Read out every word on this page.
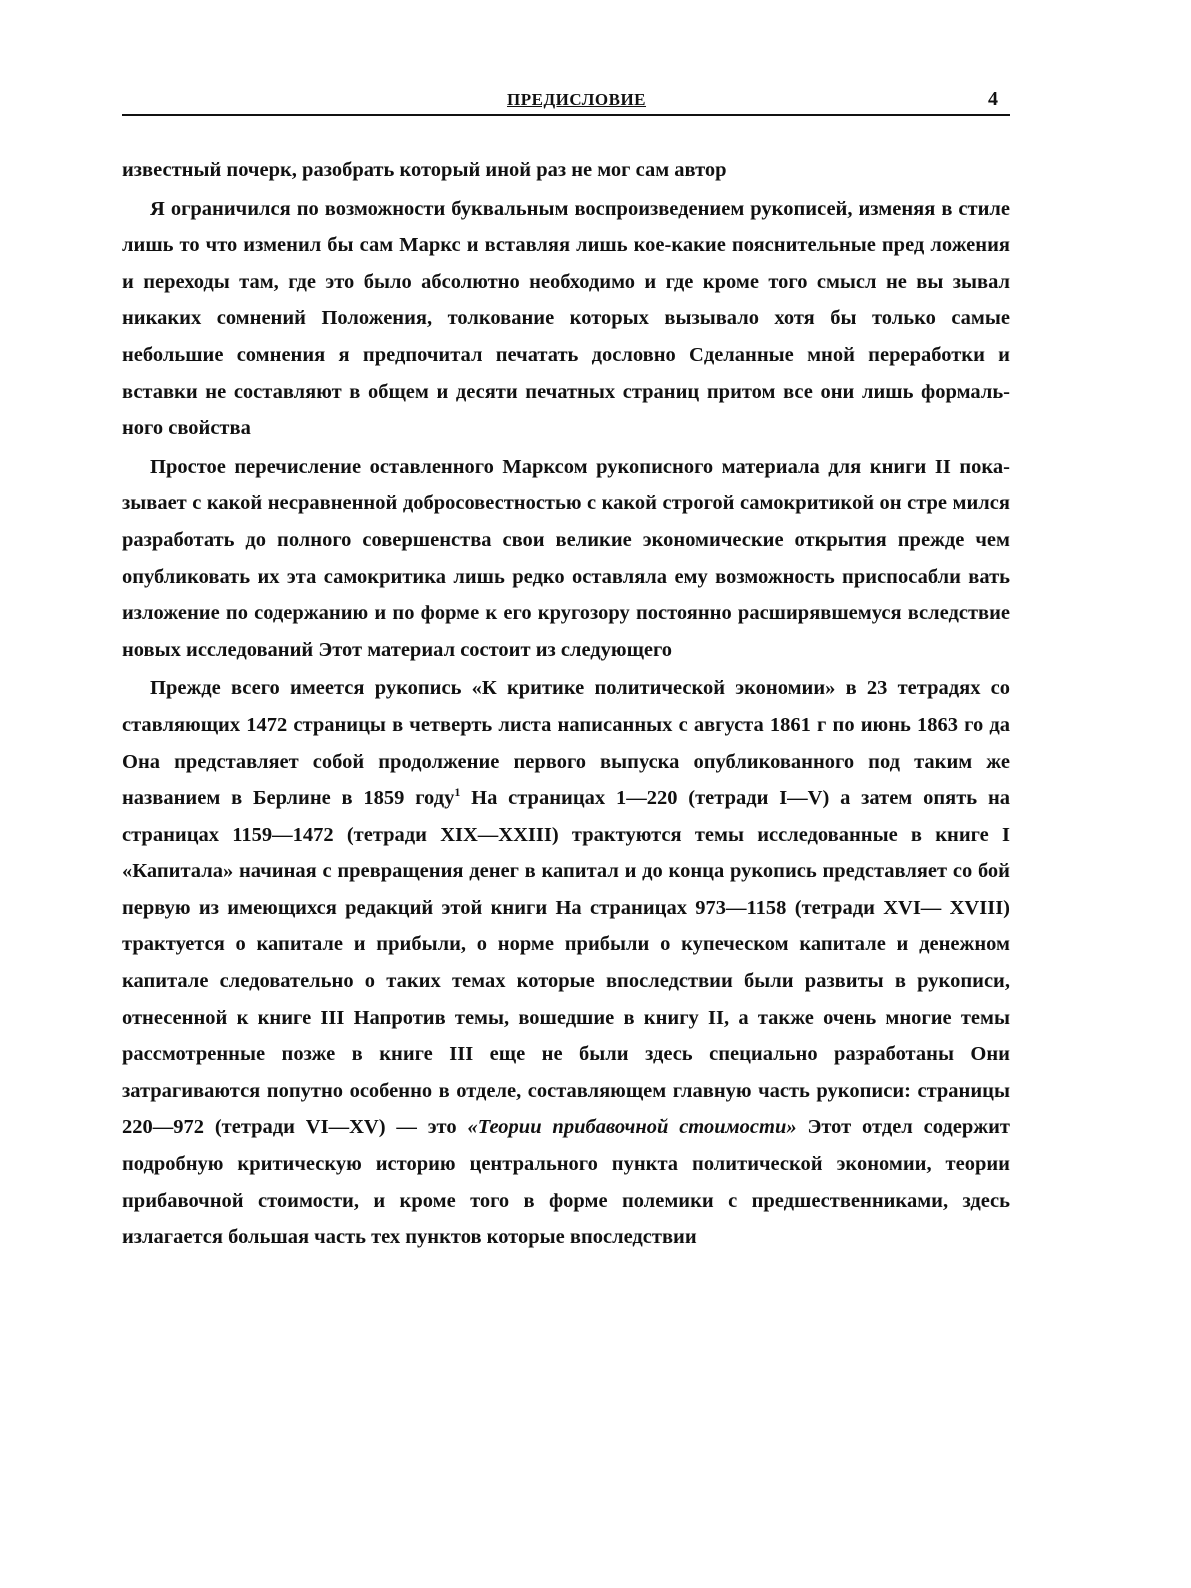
ПРЕДИСЛОВИЕ	4

известный почерк, разобрать который иной раз не мог сам автор

Я ограничился по возможности буквальным воспроизведением рукописей, изменяя в стиле лишь то что изменил бы сам Маркс и вставляя лишь кое-какие пояснительные пред ложения и переходы там, где это было абсолютно необходимо и где кроме того смысл не вы зывал никаких сомнений Положения, толкование которых вызывало хотя бы только самые небольшие сомнения я предпочитал печатать дословно Сделанные мной переработки и вставки не составляют в общем и десяти печатных страниц притом все они лишь формаль- ного свойства

Простое перечисление оставленного Марксом рукописного материала для книги II пока- зывает с какой несравненной добросовестностью с какой строгой самокритикой он стре мился разработать до полного совершенства свои великие экономические открытия прежде чем опубликовать их эта самокритика лишь редко оставляла ему возможность приспосабли вать изложение по содержанию и по форме к его кругозору постоянно расширявшемуся вследствие новых исследований Этот материал состоит из следующего

Прежде всего имеется рукопись «К критике политической экономии» в 23 тетрадях со ставляющих 1472 страницы в четверть листа написанных с августа 1861 г по июнь 1863 го да Она представляет собой продолжение первого выпуска опубликованного под таким же названием в Берлине в 1859 году$^1$ На страницах 1—220 (тетради I—V) а затем опять на страницах 1159—1472 (тетради XIX—XXIII) трактуются темы исследованные в книге I «Капитала» начиная с превращения денег в капитал и до конца рукопись представляет со бой первую из имеющихся редакций этой книги На страницах 973—1158 (тетради XVI— XVIII) трактуется о капитале и прибыли, о норме прибыли о купеческом капитале и денежном капитале следовательно о таких темах которые впоследствии были развиты в рукописи, отнесенной к книге III Напротив темы, вошедшие в книгу II, а также очень многие темы рассмотренные позже в книге III еще не были здесь специально разработаны Они затрагиваются попутно особенно в отделе, составляющем главную часть рукописи: страницы 220—972 (тетради VI—XV) — это «Теории прибавочной стоимости» Этот отдел содержит подробную критическую историю центрального пункта политической экономии, теории прибавочной стоимости, и кроме того в форме полемики с предшественниками, здесь излагается большая часть тех пунктов которые впоследствии
